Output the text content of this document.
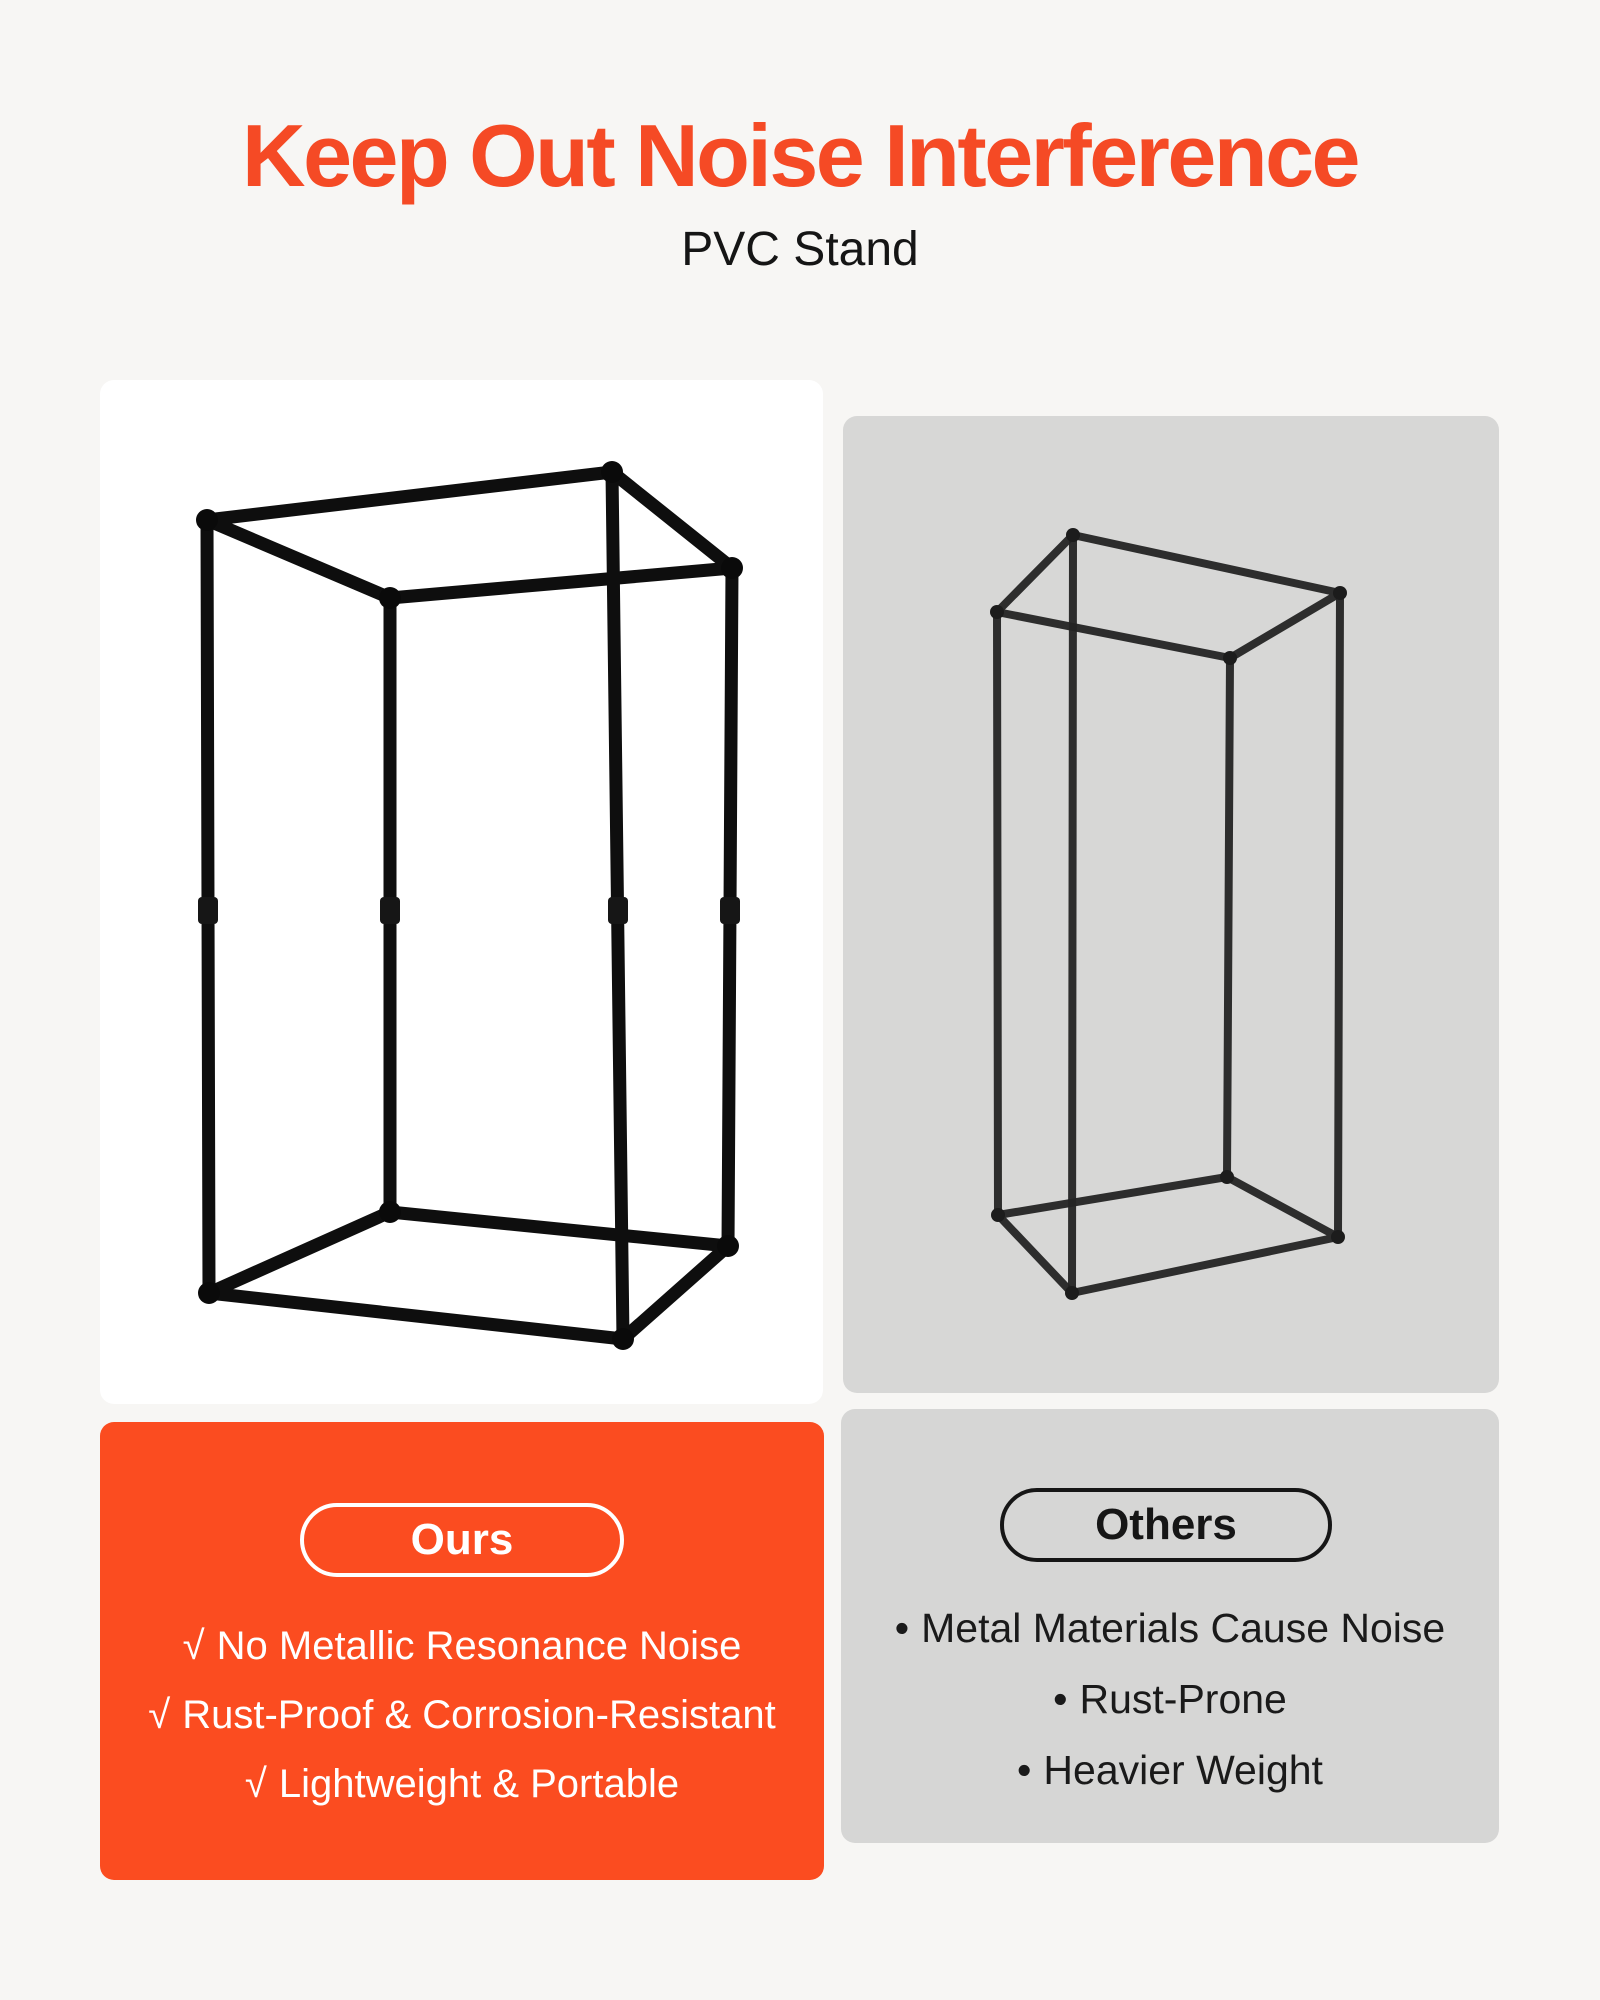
Keep Out Noise Interference

PVC Stand

Ours
√ No Metallic Resonance Noise
√ Rust-Proof & Corrosion-Resistant
√ Lightweight & Portable
Others
• Metal Materials Cause Noise
• Rust-Prone
• Heavier Weight
